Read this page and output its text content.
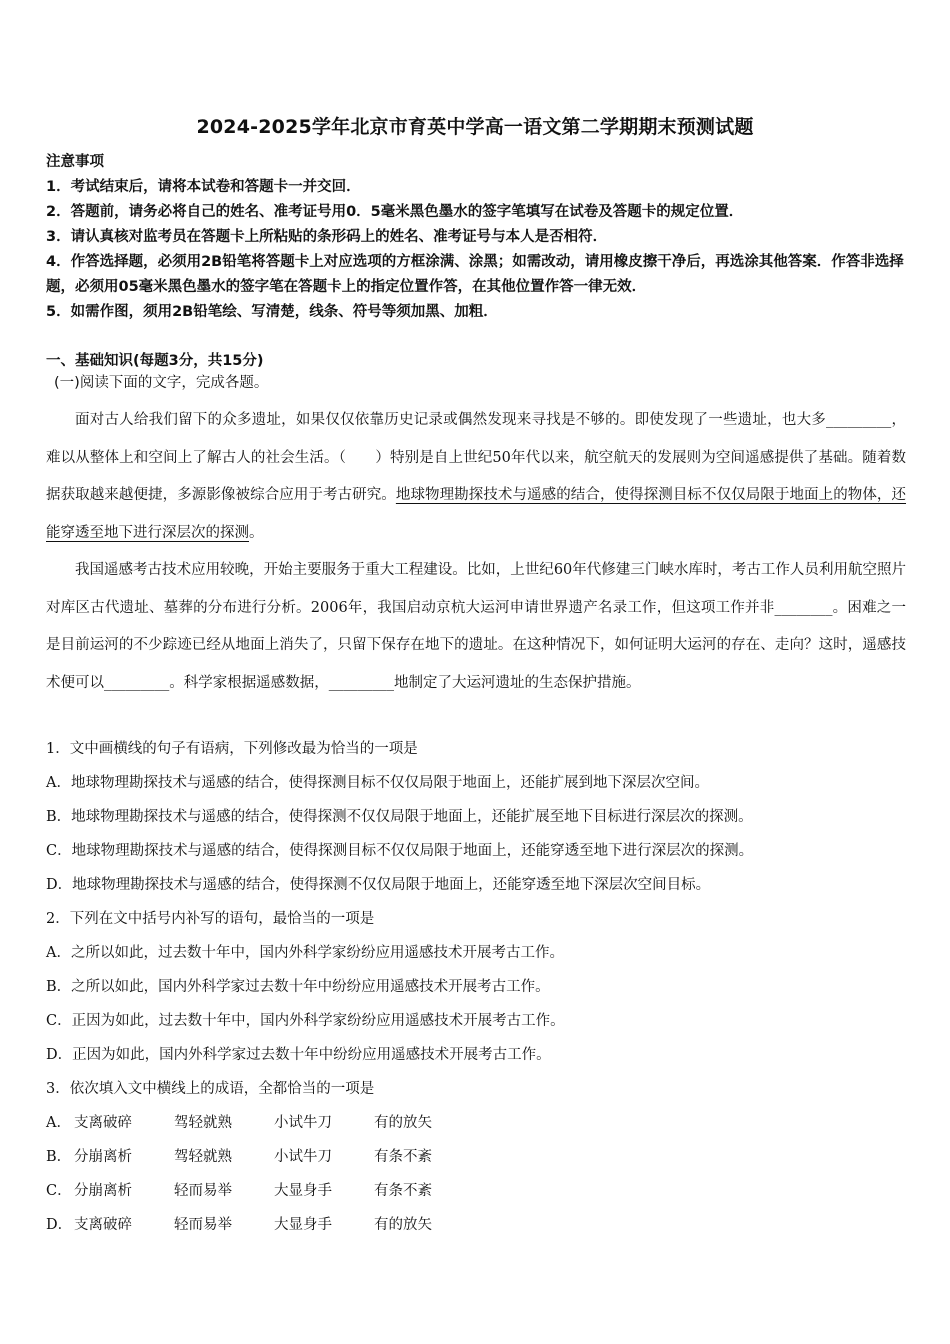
2024-2025学年北京市育英中学高一语文第二学期期末预测试题
注意事项
1．考试结束后，请将本试卷和答题卡一并交回．
2．答题前，请务必将自己的姓名、准考证号用0．5毫米黑色墨水的签字笔填写在试卷及答题卡的规定位置．
3．请认真核对监考员在答题卡上所粘贴的条形码上的姓名、准考证号与本人是否相符．
4．作答选择题，必须用2B铅笔将答题卡上对应选项的方框涂满、涂黑；如需改动，请用橡皮擦干净后，再选涂其他答案．作答非选择题，必须用05毫米黑色墨水的签字笔在答题卡上的指定位置作答，在其他位置作答一律无效．
5．如需作图，须用2B铅笔绘、写清楚，线条、符号等须加黑、加粗．
一、基础知识(每题3分，共15分)
(一)阅读下面的文字，完成各题。

面对古人给我们留下的众多遗址，如果仅仅依靠历史记录或偶然发现来寻找是不够的。即使发现了一些遗址，也大多_________，难以从整体上和空间上了解古人的社会生活。（　　）特别是自上世纪50年代以来，航空航天的发展则为空间遥感提供了基础。随着数据获取越来越便捷，多源影像被综合应用于考古研究。地球物理勘探技术与遥感的结合，使得探测目标不仅仅局限于地面上的物体，还能穿透至地下进行深层次的探测。

我国遥感考古技术应用较晚，开始主要服务于重大工程建设。比如，上世纪60年代修建三门峡水库时，考古工作人员利用航空照片对库区古代遗址、墓葬的分布进行分析。2006年，我国启动京杭大运河申请世界遗产名录工作，但这项工作并非________。困难之一是目前运河的不少踪迹已经从地面上消失了，只留下保存在地下的遗址。在这种情况下，如何证明大运河的存在、走向？这时，遥感技术便可以_________。科学家根据遥感数据，_________地制定了大运河遗址的生态保护措施。

1．文中画横线的句子有语病，下列修改最为恰当的一项是
A．地球物理勘探技术与遥感的结合，使得探测目标不仅仅局限于地面上，还能扩展到地下深层次空间。
B．地球物理勘探技术与遥感的结合，使得探测不仅仅局限于地面上，还能扩展至地下目标进行深层次的探测。
C．地球物理勘探技术与遥感的结合，使得探测目标不仅仅局限于地面上，还能穿透至地下进行深层次的探测。
D．地球物理勘探技术与遥感的结合，使得探测不仅仅局限于地面上，还能穿透至地下深层次空间目标。
2．下列在文中括号内补写的语句，最恰当的一项是
A．之所以如此，过去数十年中，国内外科学家纷纷应用遥感技术开展考古工作。
B．之所以如此，国内外科学家过去数十年中纷纷应用遥感技术开展考古工作。
C．正因为如此，过去数十年中，国内外科学家纷纷应用遥感技术开展考古工作。
D．正因为如此，国内外科学家过去数十年中纷纷应用遥感技术开展考古工作。
3．依次填入文中横线上的成语，全都恰当的一项是
A． 支离破碎	驾轻就熟	小试牛刀	有的放矢
B． 分崩离析	驾轻就熟	小试牛刀	有条不紊
C． 分崩离析	轻而易举	大显身手	有条不紊
D． 支离破碎	轻而易举	大显身手	有的放矢
